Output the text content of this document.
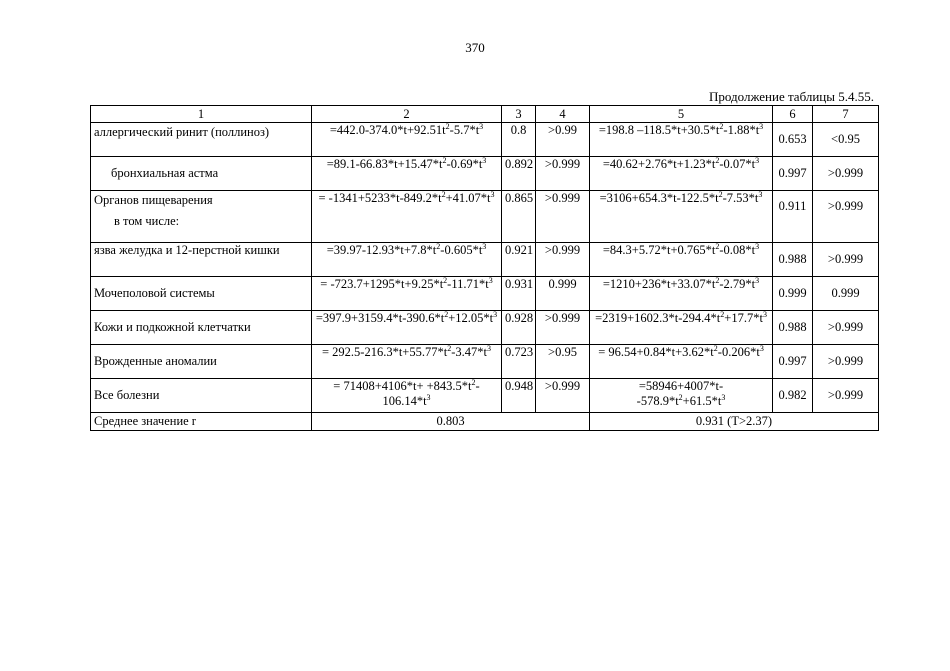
370
Продолжение таблицы 5.4.55.
1	2	3	4	5	6	7
аллергический ринит (поллиноз)	$=442.0-374.0*t+92.51t^2-5.7*t^3$	0.8	>0.99	=198.8 $-118.5*t+30.5*t^2-1.88*t^3$	0.653	<0.95
бронхиальная астма	$=89.1-66.83*t+15.47*t^2-0.69*t^3$	0.892	>0.999	$=40.62+2.76*t+1.23*t^2-0.07*t^3$	0.997	>0.999

Органов пищеварения
в том числе:	= $-1341+5233*t-849.2*t^2+41.07*t^3$	0.865	>0.999	$=3106+654.3*t-122.5*t^2-7.53*t^3$	0.911	>0.999
язва желудка и 12-перстной кишки	$=39.97-12.93*t+7.8*t^2-0.605*t^3$	0.921	>0.999	$=84.3+5.72*t+0.765*t^2-0.08*t^3$	0.988	>0.999
Мочеполовой системы	= $-723.7+1295*t+9.25*t^2-11.71*t^3$	0.931	0.999	$=1210+236*t+33.07*t^2-2.79*t^3$	0.999	0.999
Кожи и подкожной клетчатки	$=397.9+3159.4*t-390.6*t^2+12.05*t^3$	0.928	>0.999	$=2319+1602.3*t-294.4*t^2+17.7*t^3$	0.988	>0.999
Врожденные аномалии	= $292.5-216.3*t+55.77*t^2-3.47*t^3$	0.723	>0.95	= $96.54+0.84*t+3.62*t^2-0.206*t^3$	0.997	>0.999
Все болезни	= $71408+4106*t+ +843.5*t^2-106.14*t^3$	0.948	>0.999	=58946+4007*t- $-578.9*t^2+61.5*t^3$	0.982	>0.999
Среднее значение r	0.803			0.931 (T>2.37)		
